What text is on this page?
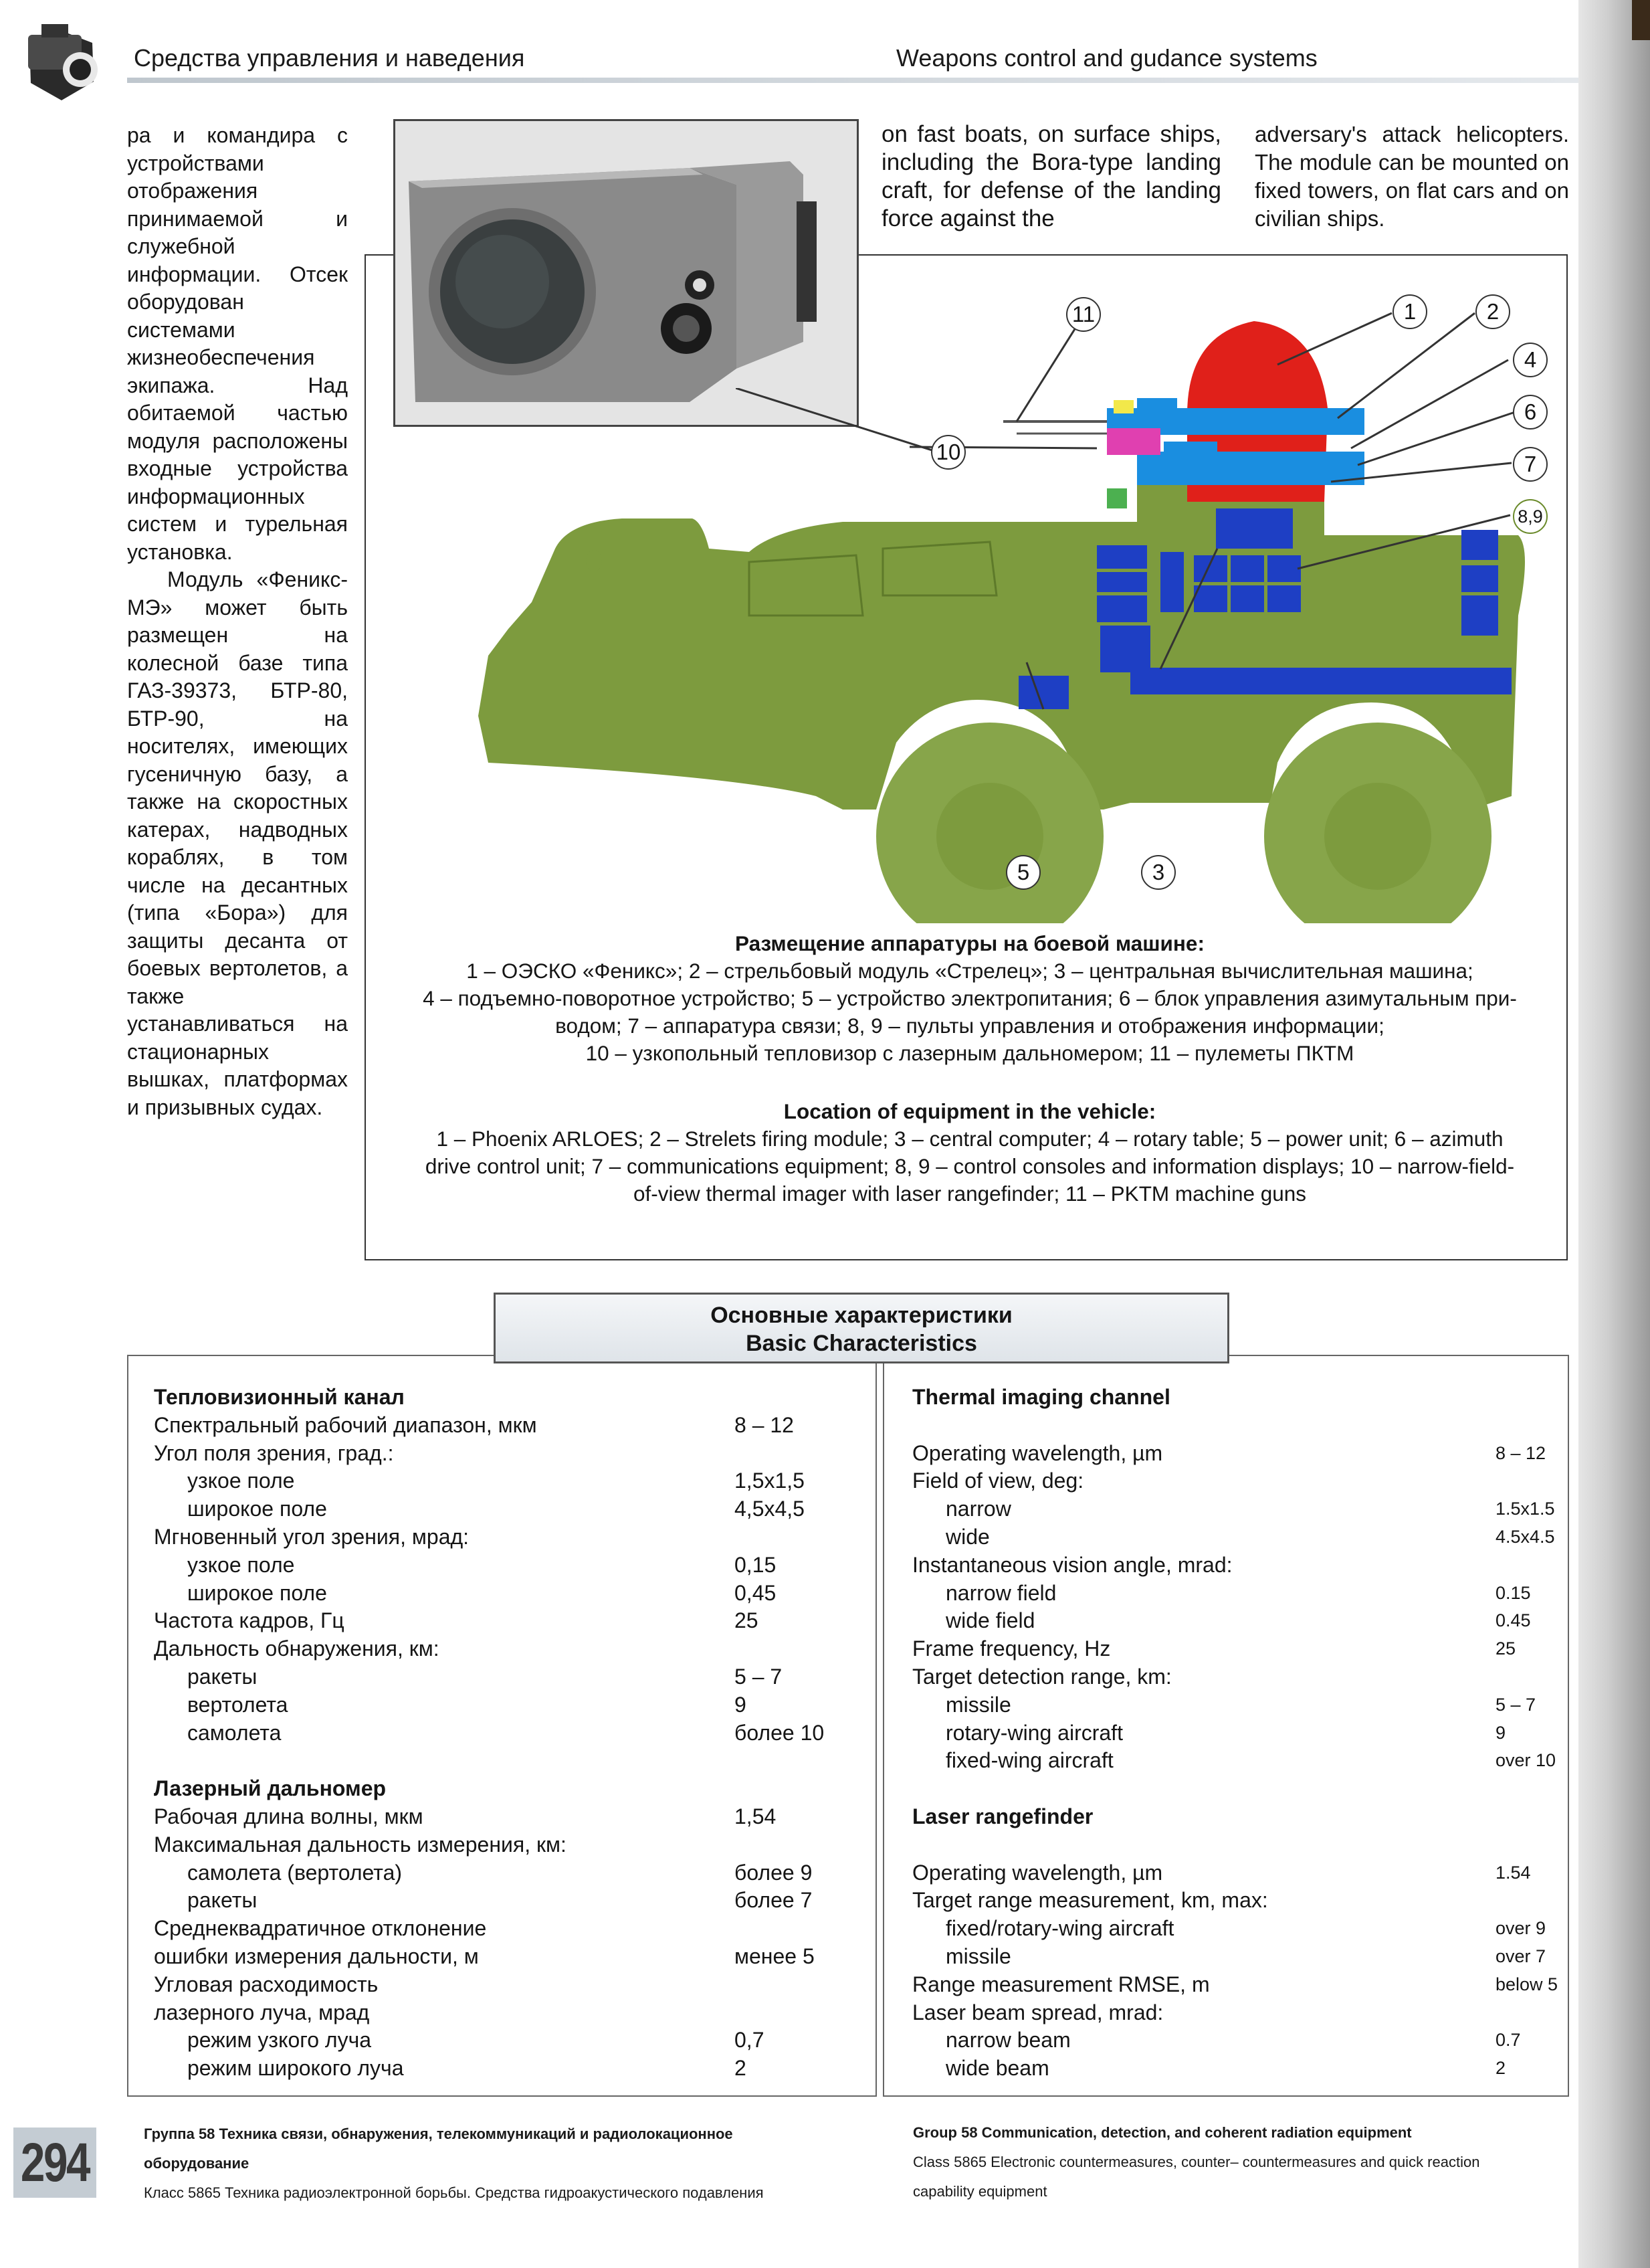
Средства управления и наведения	Weapons control and gudance systems

ра и командира с устройствами отображения принимаемой и служебной информации. Отсек оборудован системами жизнеобеспечения экипажа. Над обитаемой частью модуля расположены входные устройства информационных систем и турельная установка.

Модуль «Феникс-МЭ» может быть размещен на колесной базе типа ГАЗ-39373, БТР-80, БТР-90, на носителях, имеющих гусеничную базу, а также на скоростных катерах, надводных кораблях, в том числе на десантных (типа «Бора») для защиты десанта от боевых вертолетов, а также устанавливаться на стационарных вышках, платформах и призывных судах.

on fast boats, on surface ships, including the Bora-type landing craft, for defense of the landing force against the
adversary's attack helicopters. The module can be mounted on fixed towers, on flat cars and on civilian ships.
1	2
4
6
7
8,9
10
11
5	3
Размещение аппаратуры на боевой машине:
1 – ОЭСКО «Феникс»; 2 – стрельбовый модуль «Стрелец»; 3 – центральная вычислительная машина;
4 – подъемно-поворотное устройство; 5 – устройство электропитания; 6 – блок управления азимутальным при-
водом; 7 – аппаратура связи; 8, 9 – пульты управления и отображения информации;
10 – узкопольный тепловизор с лазерным дальномером; 11 – пулеметы ПКТМ
Location of equipment in the vehicle:
1 – Phoenix ARLOES; 2 – Strelets firing module; 3 – central computer; 4 – rotary table; 5 – power unit; 6 – azimuth
drive control unit; 7 – communications equipment; 8, 9 – control consoles and information displays; 10 – narrow-field-
of-view thermal imager with laser rangefinder; 11 – PKTM machine guns
Основные характеристики
Basic Characteristics
Тепловизионный канал
Спектральный рабочий диапазон, мкм	8 – 12
Угол поля зрения, град.:
узкое поле	1,5x1,5
широкое поле	4,5x4,5
Мгновенный угол зрения, мрад:
узкое поле	0,15
широкое поле	0,45
Частота кадров, Гц	25
Дальность обнаружения, км:
ракеты	5 – 7
вертолета	9
самолета	более 10
Лазерный дальномер
Рабочая длина волны, мкм	1,54
Максимальная дальность измерения, км:
самолета (вертолета)	более 9
ракеты	более 7
Среднеквадратичное отклонение
ошибки измерения дальности, м	менее 5
Угловая расходимость
лазерного луча, мрад
режим узкого луча	0,7
режим широкого луча	2
Thermal imaging channel
Operating wavelength, µm	8 – 12
Field of view, deg:
narrow	1.5x1.5
wide	4.5x4.5
Instantaneous vision angle, mrad:
narrow field	0.15
wide field	0.45
Frame frequency, Hz	25
Target detection range, km:
missile	5 – 7
rotary-wing aircraft	9
fixed-wing aircraft	over 10
Laser rangefinder
Operating wavelength, µm	1.54
Target range measurement, km, max:
fixed/rotary-wing aircraft	over 9
missile	over 7
Range measurement RMSE, m	below 5
Laser beam spread, mrad:
narrow beam	0.7
wide beam	2
294	Группа 58 Техника связи, обнаружения, телекоммуникаций и радиолокационное
оборудование
Класс 5865 Техника радиоэлектронной борьбы. Средства гидроакустического подавления
Group 58 Communication, detection, and coherent radiation equipment
Class 5865 Electronic countermeasures, counter– countermeasures and quick reaction
capability equipment
